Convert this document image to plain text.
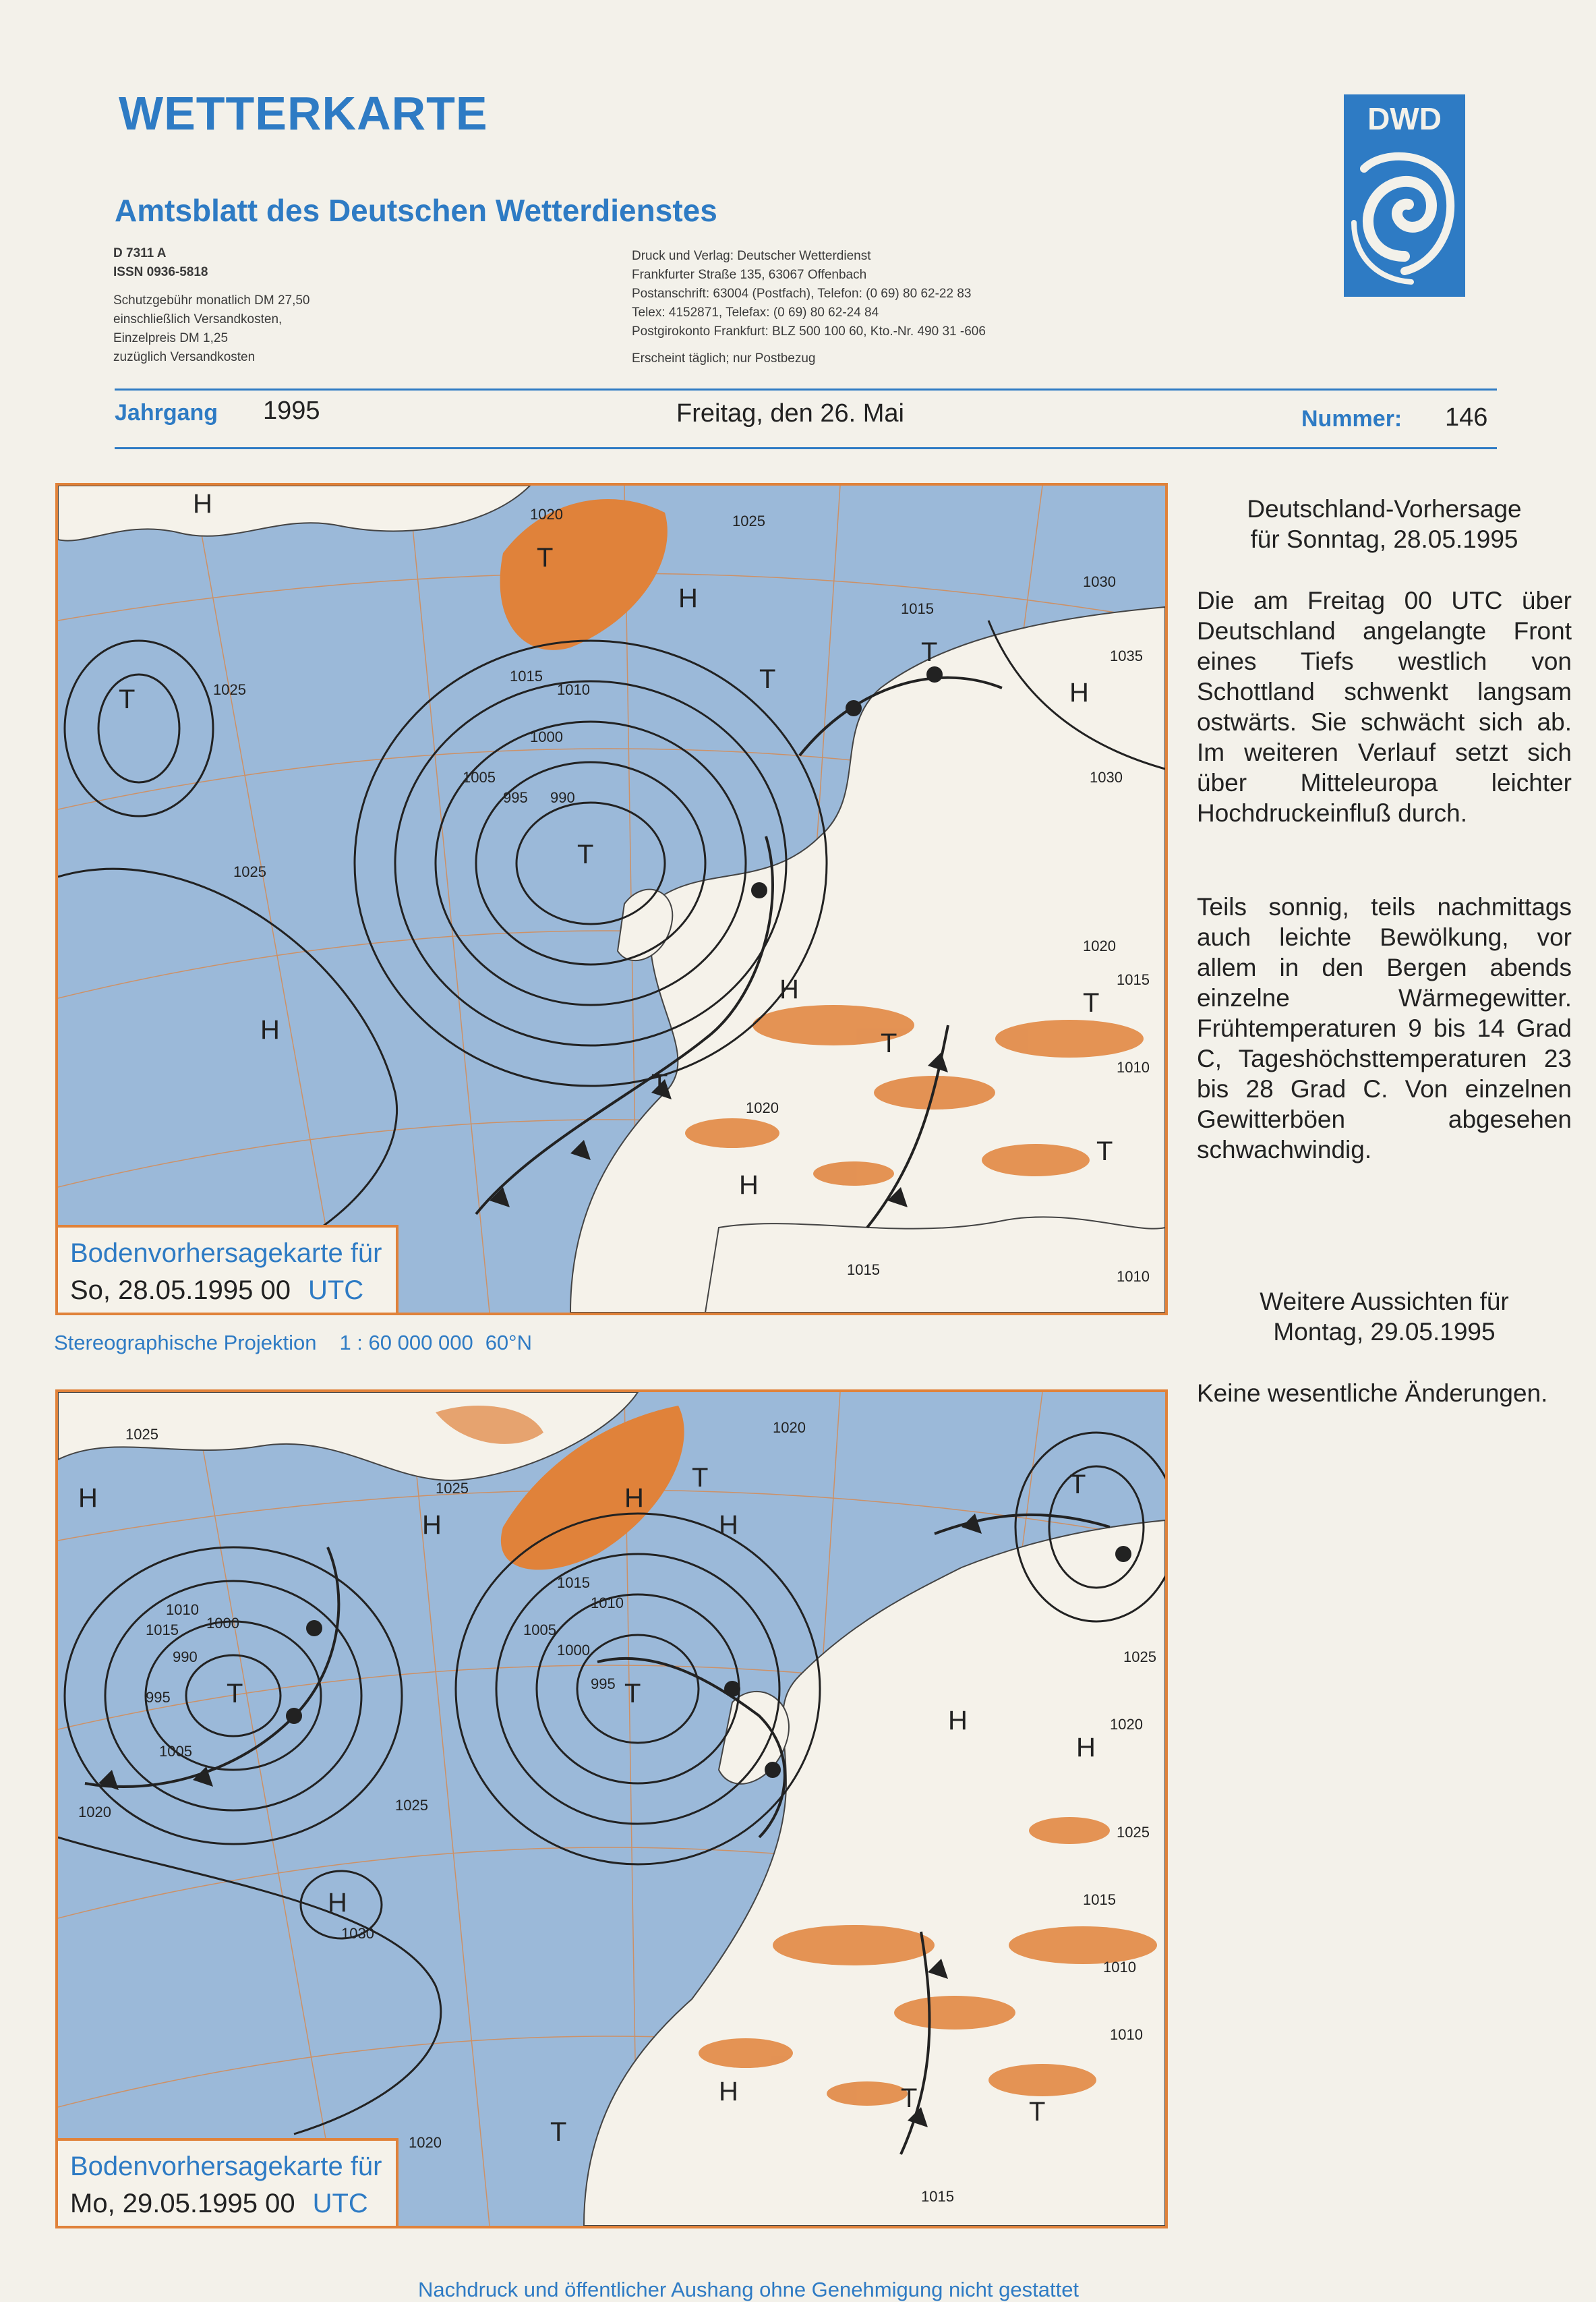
WETTERKARTE
Amtsblatt des Deutschen Wetterdienstes
D 7311 A
ISSN 0936-5818
Schutzgebühr monatlich DM 27,50
einschließlich Versandkosten,
Einzelpreis DM 1,25
zuzüglich Versandkosten
Druck und Verlag: Deutscher Wetterdienst
Frankfurter Straße 135, 63067 Offenbach
Postanschrift: 63004 (Postfach), Telefon: (0 69) 80 62-22 83
Telex: 4152871, Telefax: (0 69) 80 62-24 84
Postgirokonto Frankfurt: BLZ 500 100 60, Kto.-Nr. 490 31 -606
Erscheint täglich; nur Postbezug
DWD
Jahrgang 1995	Freitag, den 26. Mai	Nummer: 146
H
H
H
H
H
H
T
T
T
T
T
T
T
T
T
1020
1025
1015
1010
1005
1000
995 990
1015
1025
1030
1035
1030
1020
1015
1010
1020
1015	1010
1025
Bodenvorhersagekarte für
So, 28.05.1995 00 UTC
Stereographische Projektion 1 : 60 000 000 60°N
H
H
H
H
H
H
H
H
T	T
T	T
T	T
T
1025	1020
1025
1015
1010
1000
990
995
1005
1015
1010
1000
995
1005
1020	1025
1030
1020
1025
1015
1010
1010
1015
1020
1025
Bodenvorhersagekarte für
Mo, 29.05.1995 00 UTC
Deutschland-Vorhersage
für Sonntag, 28.05.1995
Die am Freitag 00 UTC über Deutschland angelangte Front eines Tiefs westlich von Schottland schwenkt langsam ostwärts. Sie schwächt sich ab. Im weiteren Verlauf setzt sich über Mitteleuropa leichter Hochdruckeinfluß durch.
Teils sonnig, teils nachmittags auch leichte Bewölkung, vor allem in den Bergen abends einzelne Wärmegewitter. Frühtemperaturen 9 bis 14 Grad C, Tageshöchsttemperaturen 23 bis 28 Grad C. Von einzelnen Gewitterböen abgesehen schwachwindig.
Weitere Aussichten für
Montag, 29.05.1995
Keine wesentliche Änderungen.
Nachdruck und öffentlicher Aushang ohne Genehmigung nicht gestattet
